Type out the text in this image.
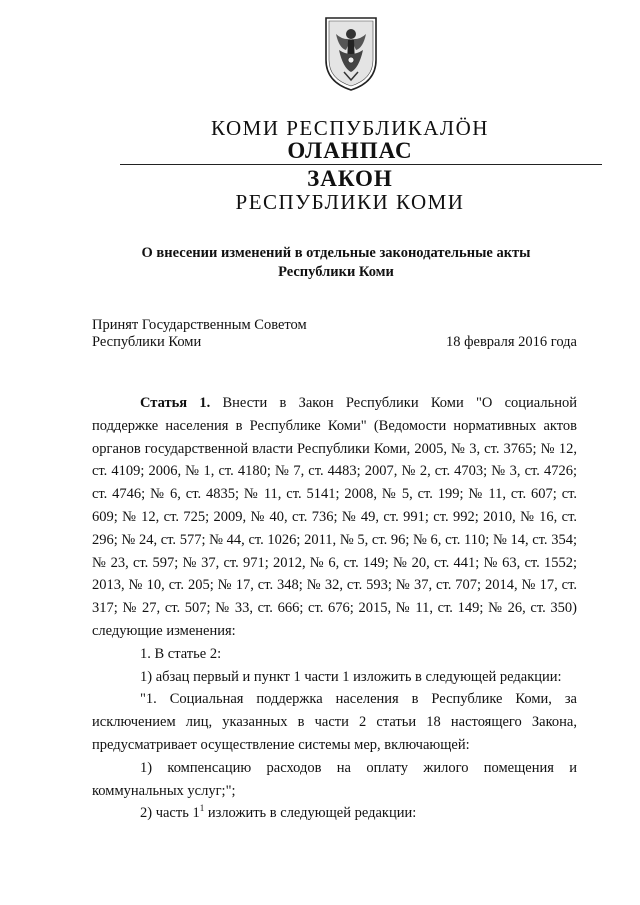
КОМИ РЕСПУБЛИКАЛӦН
ОЛАНПАС
ЗАКОН
РЕСПУБЛИКИ КОМИ
О внесении изменений в отдельные законодательные акты
Республики Коми
Принят Государственным Советом
Республики Коми	18 февраля 2016 года

Статья 1. Внести в Закон Республики Коми "О социальной поддержке населения в Республике Коми" (Ведомости нормативных актов органов государственной власти Республики Коми, 2005, № 3, ст. 3765; № 12, ст. 4109; 2006, № 1, ст. 4180; № 7, ст. 4483; 2007, № 2, ст. 4703; № 3, ст. 4726; ст. 4746; № 6, ст. 4835; № 11, ст. 5141; 2008, № 5, ст. 199; № 11, ст. 607; ст. 609; № 12, ст. 725; 2009, № 40, ст. 736; № 49, ст. 991; ст. 992; 2010, № 16, ст. 296; № 24, ст. 577; № 44, ст. 1026; 2011, № 5, ст. 96; № 6, ст. 110; № 14, ст. 354; № 23, ст. 597; № 37, ст. 971; 2012, № 6, ст. 149; № 20, ст. 441; № 63, ст. 1552; 2013, № 10, ст. 205; № 17, ст. 348; № 32, ст. 593; № 37, ст. 707; 2014, № 17, ст. 317; № 27, ст. 507; № 33, ст. 666; ст. 676; 2015, № 11, ст. 149; № 26, ст. 350) следующие изменения:

1. В статье 2:

1) абзац первый и пункт 1 части 1 изложить в следующей редакции:

"1. Социальная поддержка населения в Республике Коми, за исключением лиц, указанных в части 2 статьи 18 настоящего Закона, предусматривает осуществление системы мер, включающей:

1) компенсацию расходов на оплату жилого помещения и коммунальных услуг;";

2) часть $1^1$ изложить в следующей редакции:
